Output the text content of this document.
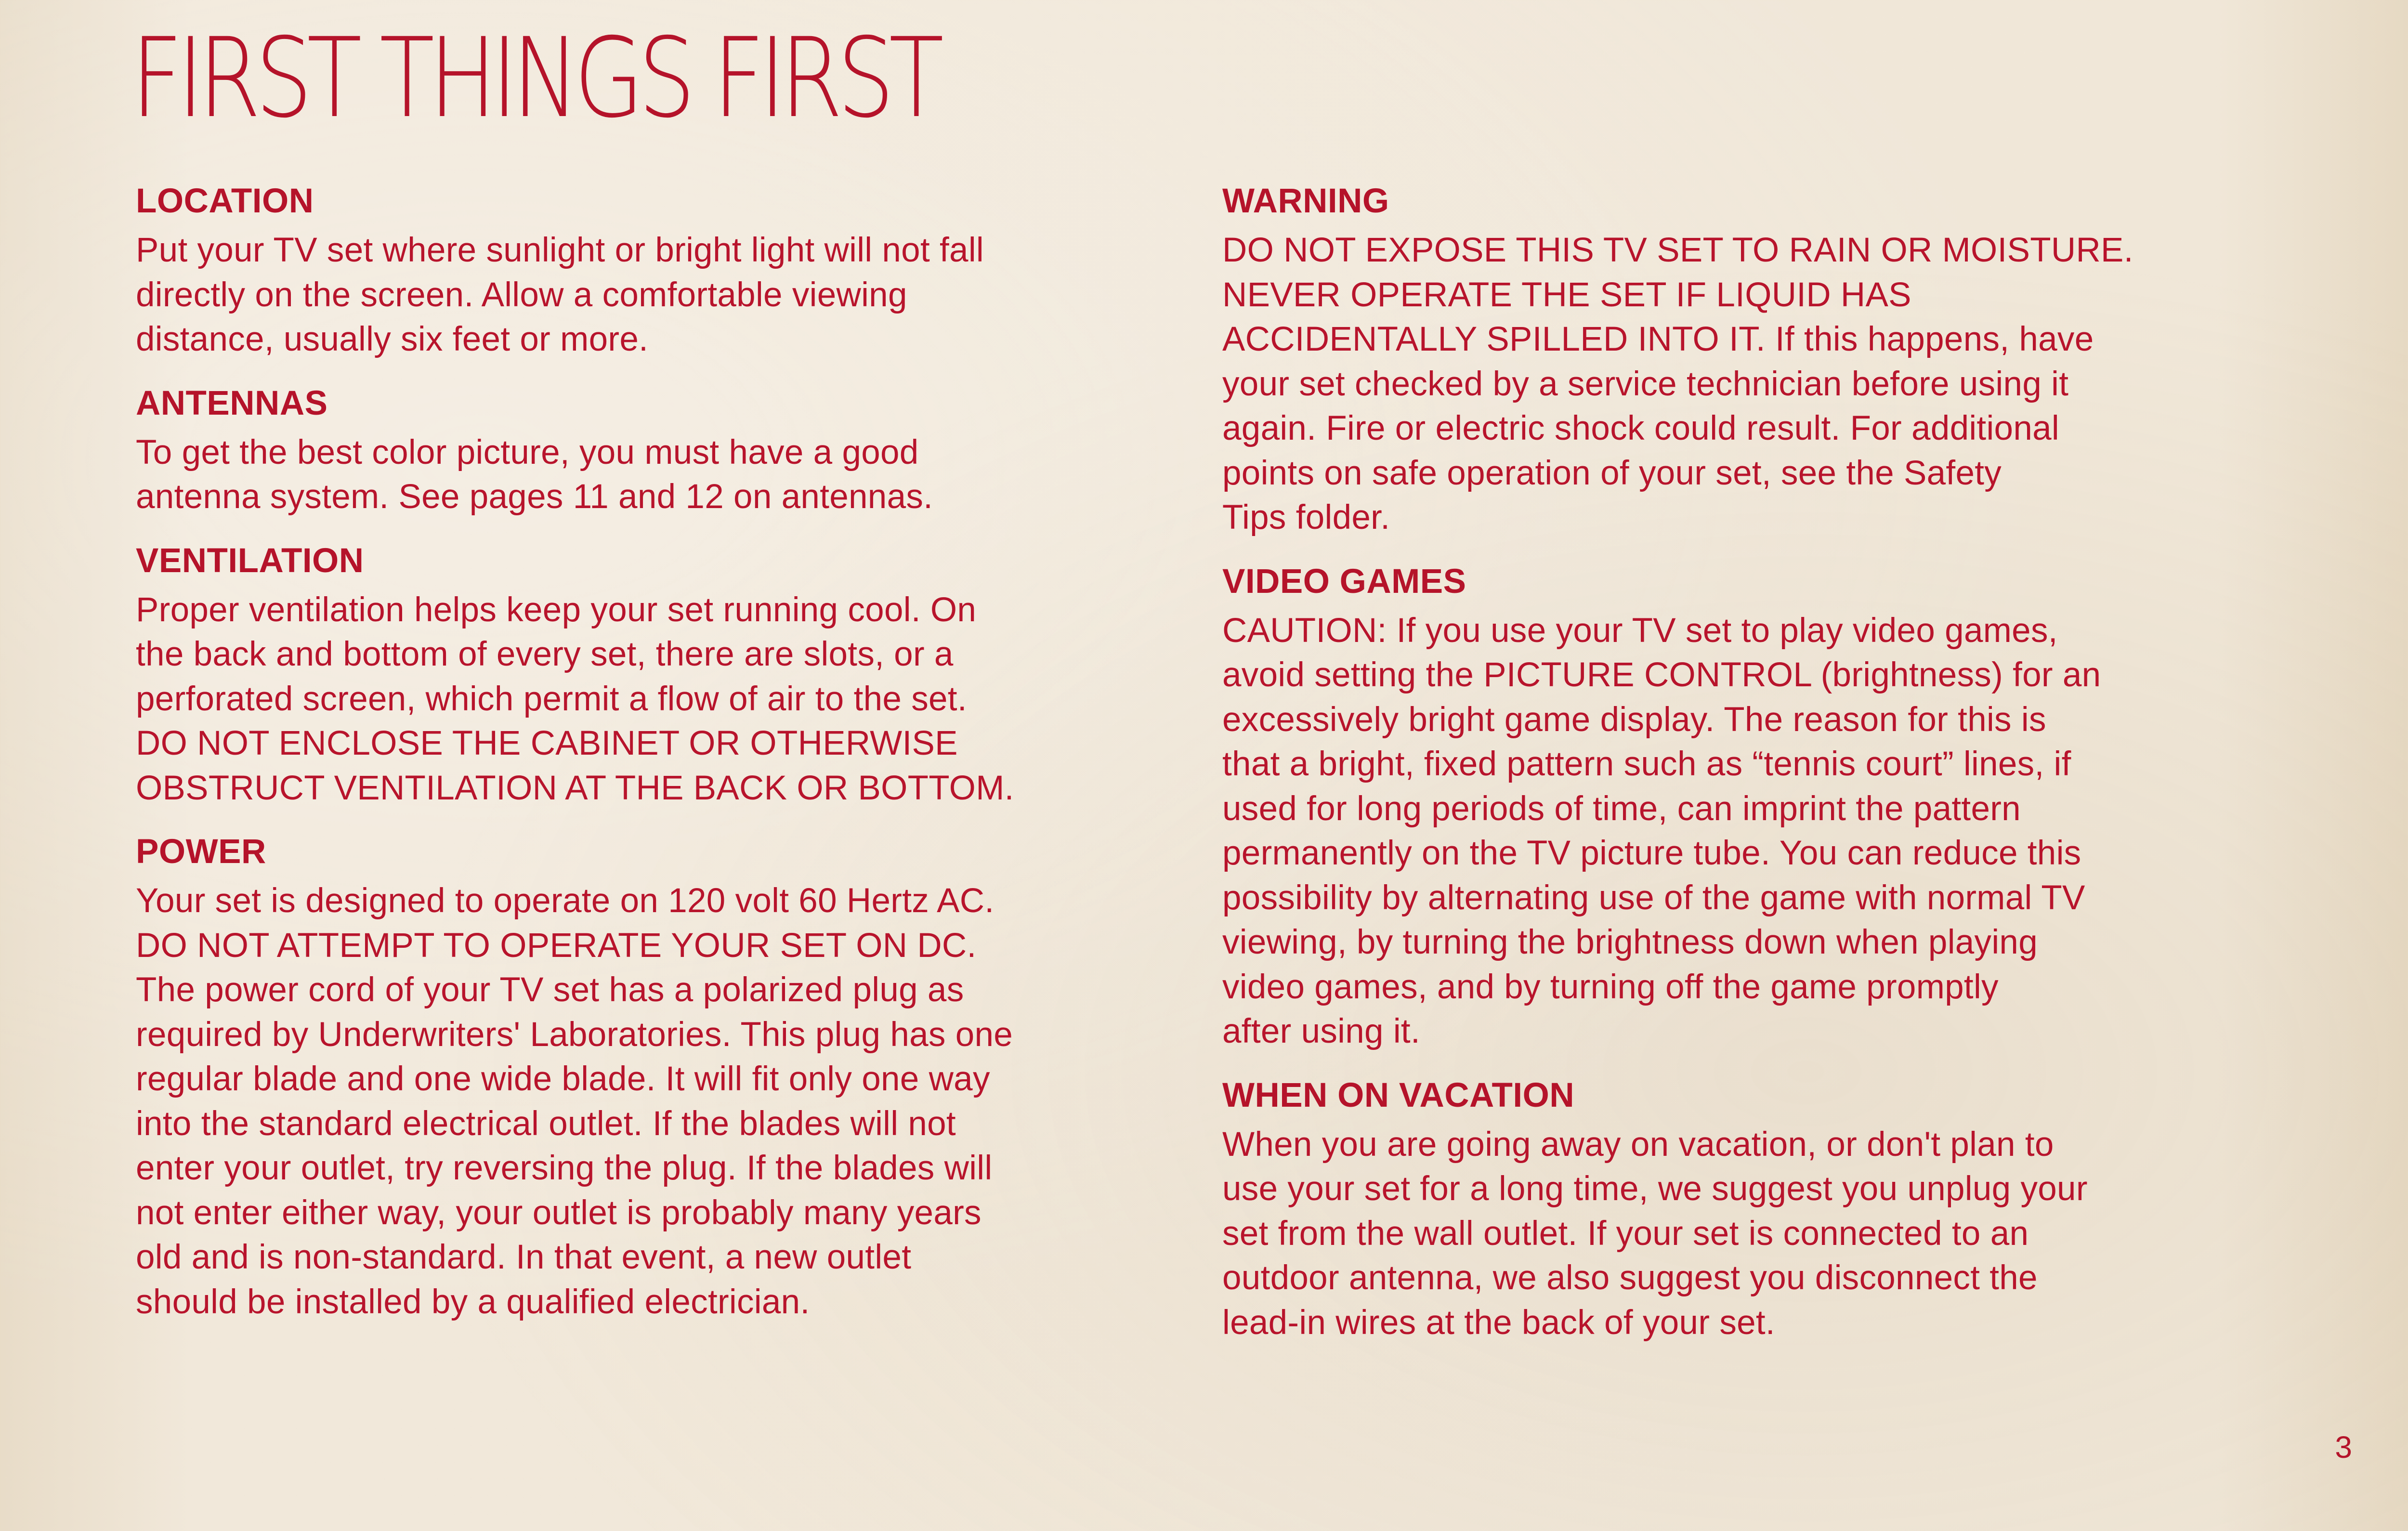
FIRST THINGS FIRST
LOCATION

Put your TV set where sunlight or bright light will not fall
directly on the screen. Allow a comfortable viewing
distance, usually six feet or more.

ANTENNAS

To get the best color picture, you must have a good
antenna system. See pages 11 and 12 on antennas.

VENTILATION

Proper ventilation helps keep your set running cool. On
the back and bottom of every set, there are slots, or a
perforated screen, which permit a flow of air to the set.
DO NOT ENCLOSE THE CABINET OR OTHERWISE
OBSTRUCT VENTILATION AT THE BACK OR BOTTOM.

POWER

Your set is designed to operate on 120 volt 60 Hertz AC.
DO NOT ATTEMPT TO OPERATE YOUR SET ON DC.
The power cord of your TV set has a polarized plug as
required by Underwriters' Laboratories. This plug has one
regular blade and one wide blade. It will fit only one way
into the standard electrical outlet. If the blades will not
enter your outlet, try reversing the plug. If the blades will
not enter either way, your outlet is probably many years
old and is non-standard. In that event, a new outlet
should be installed by a qualified electrician.

WARNING

DO NOT EXPOSE THIS TV SET TO RAIN OR MOISTURE.
NEVER OPERATE THE SET IF LIQUID HAS
ACCIDENTALLY SPILLED INTO IT. If this happens, have
your set checked by a service technician before using it
again. Fire or electric shock could result. For additional
points on safe operation of your set, see the Safety
Tips folder.

VIDEO GAMES

CAUTION: If you use your TV set to play video games,
avoid setting the PICTURE CONTROL (brightness) for an
excessively bright game display. The reason for this is
that a bright, fixed pattern such as “tennis court” lines, if
used for long periods of time, can imprint the pattern
permanently on the TV picture tube. You can reduce this
possibility by alternating use of the game with normal TV
viewing, by turning the brightness down when playing
video games, and by turning off the game promptly
after using it.

WHEN ON VACATION

When you are going away on vacation, or don't plan to
use your set for a long time, we suggest you unplug your
set from the wall outlet. If your set is connected to an
outdoor antenna, we also suggest you disconnect the
lead-in wires at the back of your set.

3
